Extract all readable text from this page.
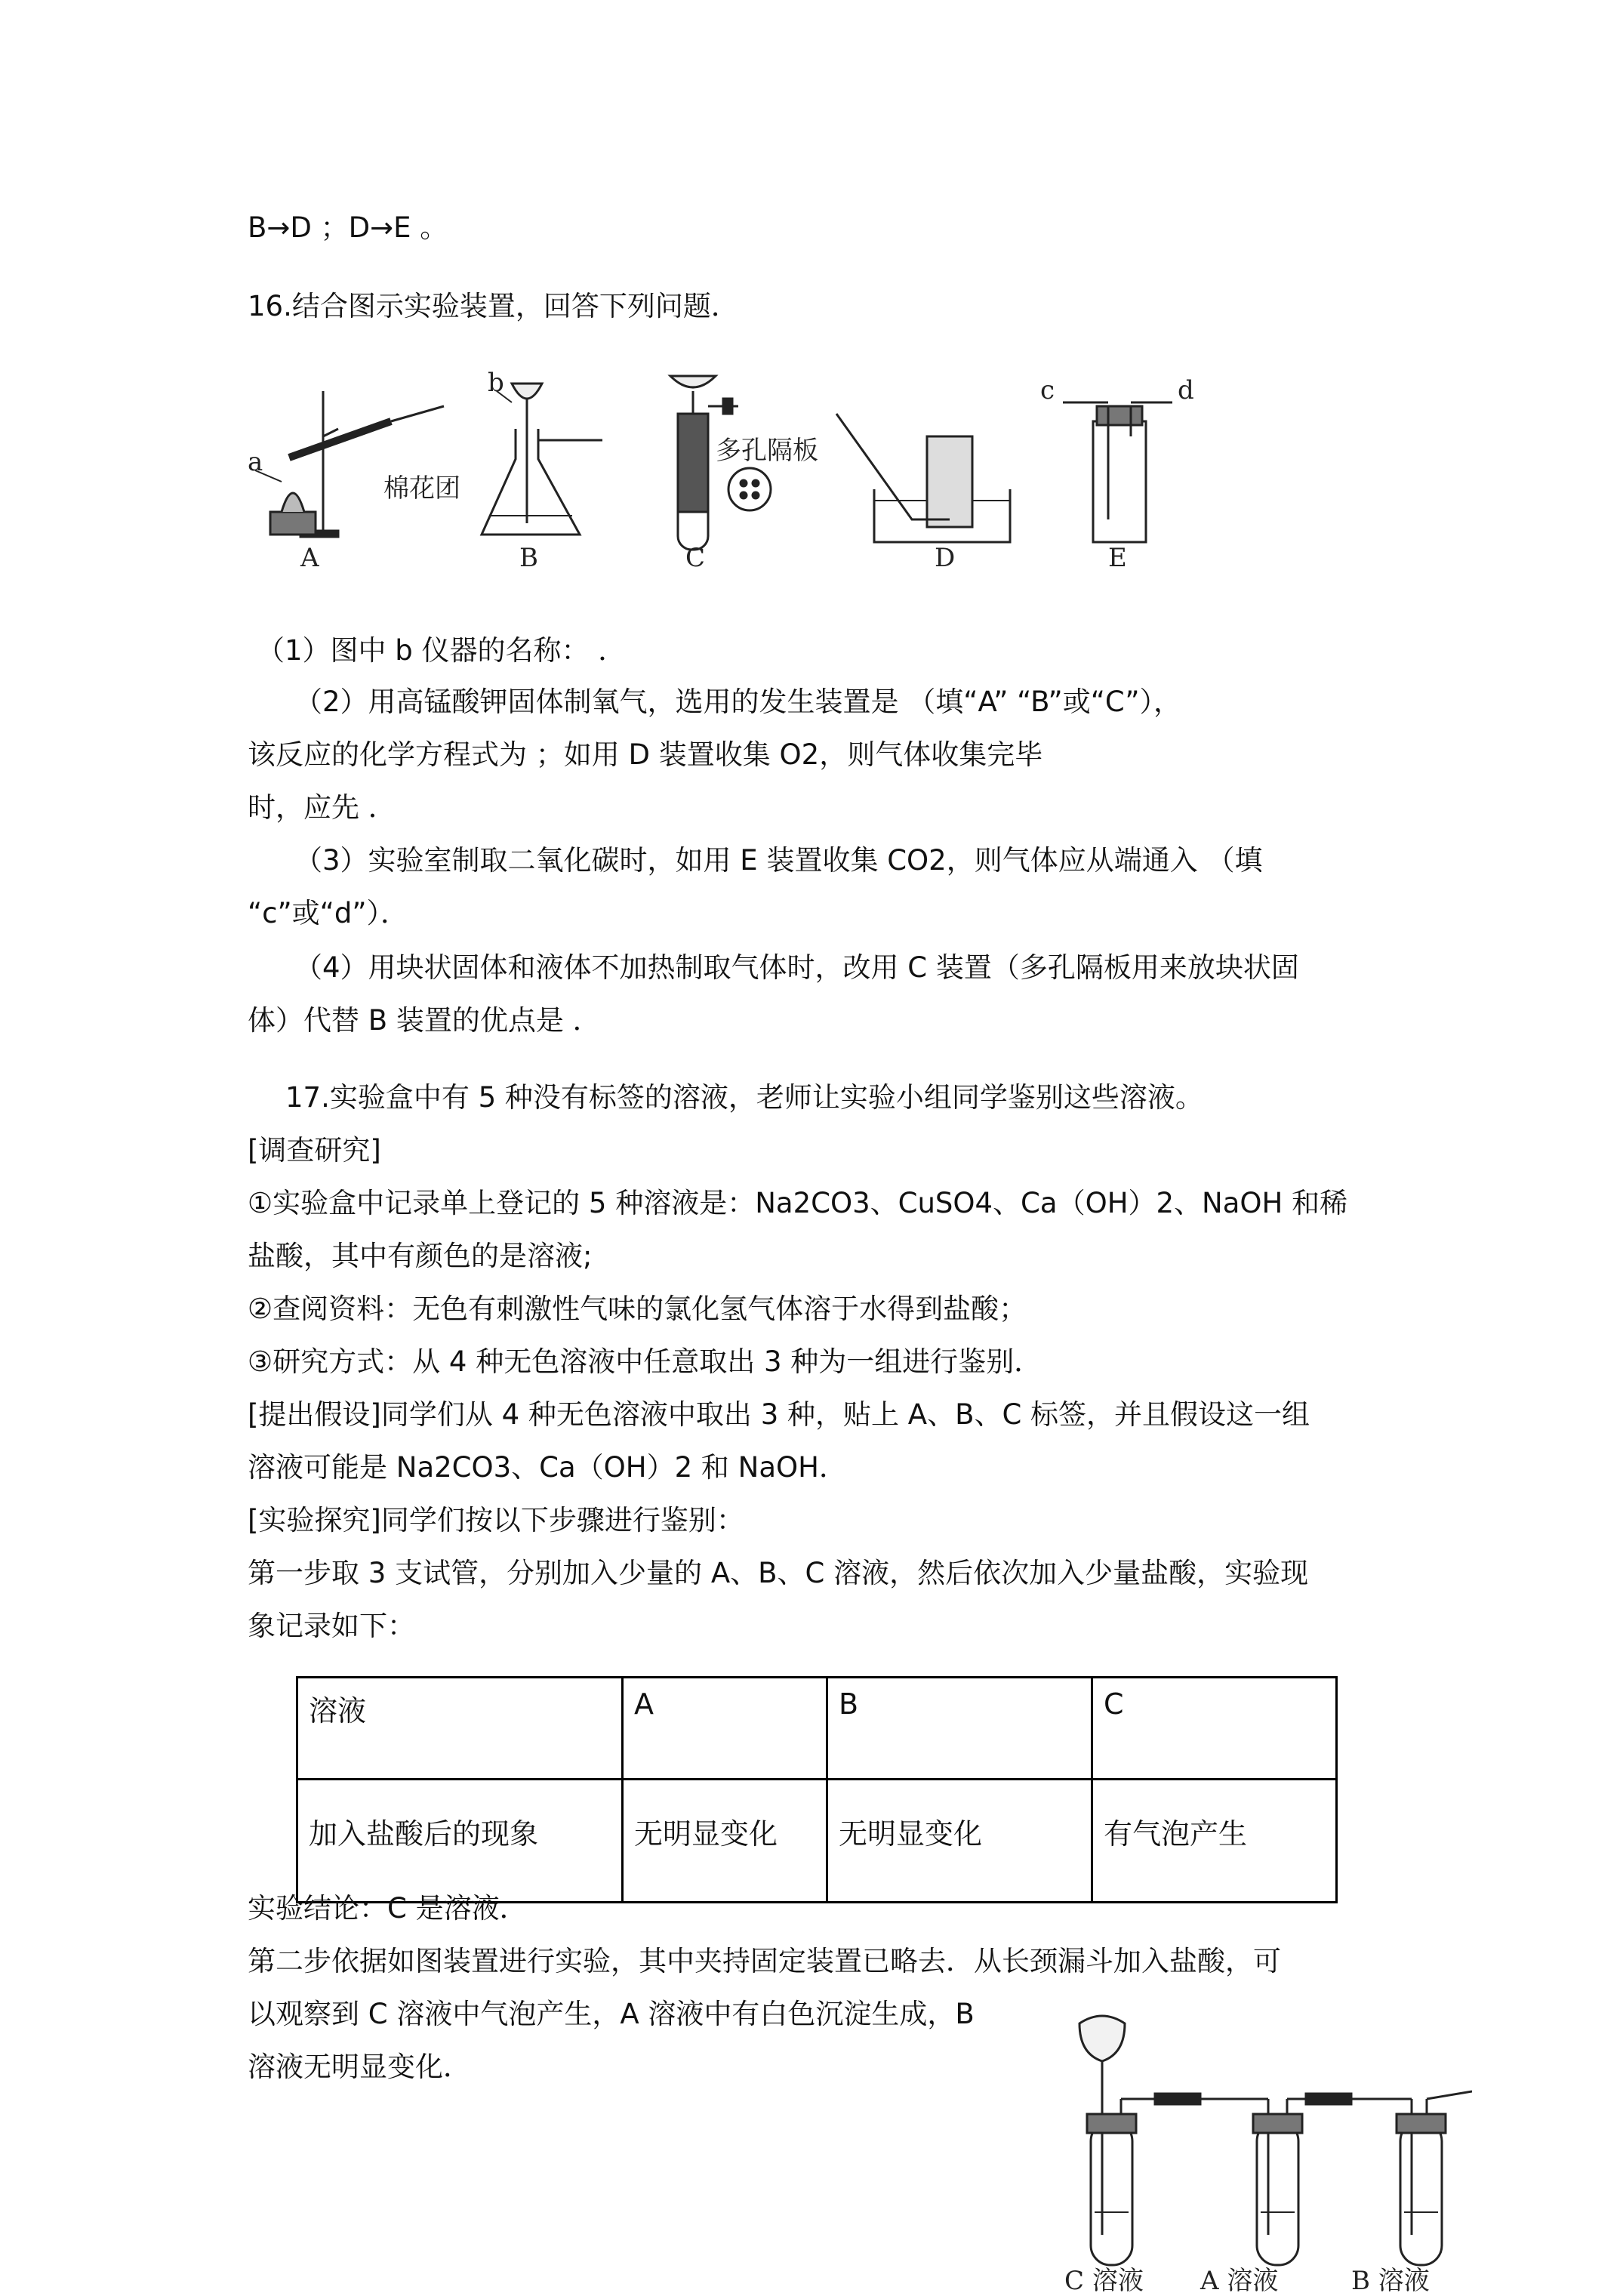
B→D ；D→E 。
16.结合图示实验装置，回答下列问题．
a
棉花团
A
b
B
多孔隔板
C	D
c	d
E
（1）图中 b 仪器的名称： ．
（2）用高锰酸钾固体制氧气，选用的发生装置是 （填“A” “B”或“C”），
该反应的化学方程式为 ；如用 D 装置收集 O2，则气体收集完毕
时，应先 ．
（3）实验室制取二氧化碳时，如用 E 装置收集 CO2，则气体应从端通入 （填
“c”或“d”）．
（4）用块状固体和液体不加热制取气体时，改用 C 装置（多孔隔板用来放块状固
体）代替 B 装置的优点是 ．
17.实验盒中有 5 种没有标签的溶液，老师让实验小组同学鉴别这些溶液。
[调查研究]
①实验盒中记录单上登记的 5 种溶液是：Na2CO3、CuSO4、Ca（OH）2、NaOH 和稀
盐酸，其中有颜色的是溶液;
②查阅资料：无色有刺激性气味的氯化氢气体溶于水得到盐酸；
③研究方式：从 4 种无色溶液中任意取出 3 种为一组进行鉴别．
[提出假设]同学们从 4 种无色溶液中取出 3 种，贴上 A、B、C 标签，并且假设这一组
溶液可能是 Na2CO3、Ca（OH）2 和 NaOH．
[实验探究]同学们按以下步骤进行鉴别：
第一步取 3 支试管，分别加入少量的 A、B、C 溶液，然后依次加入少量盐酸，实验现
象记录如下：
溶液	A	B	C
加入盐酸后的现象	无明显变化	无明显变化	有气泡产生
实验结论：C 是溶液．
第二步依据如图装置进行实验，其中夹持固定装置已略去．从长颈漏斗加入盐酸，可
以观察到 C 溶液中气泡产生，A 溶液中有白色沉淀生成，B
溶液无明显变化．
C 溶液 A 溶液	B 溶液
